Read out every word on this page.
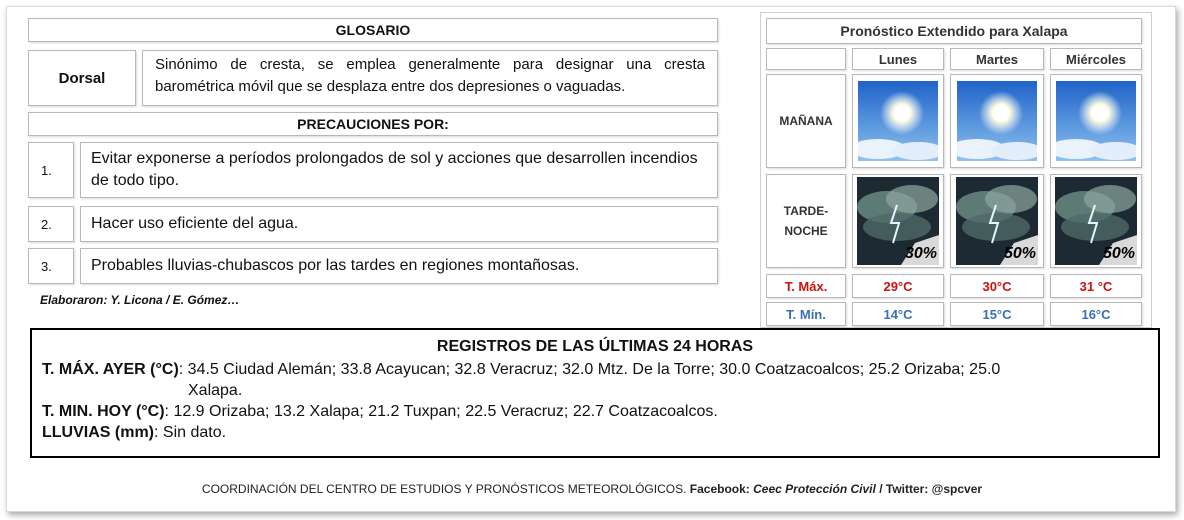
GLOSARIO
Dorsal
Sinónimo de cresta, se emplea generalmente para designar una cresta barométrica móvil que se desplaza entre dos depresiones o vaguadas.
PRECAUCIONES POR:
1.
Evitar exponerse a períodos prolongados de sol y acciones que desarrollen incendios de todo tipo.
2.	Hacer uso eficiente del agua.
3.	Probables lluvias-chubascos por las tardes en regiones montañosas.
Elaboraron: Y. Licona / E. Gómez…
Pronóstico Extendido para Xalapa
Lunes	Martes	Miércoles
MAÑANA
TARDE-
NOCHE
30%	50%	50%
T. Máx.	29°C	30°C	31 °C
T. Mín.	14°C	15°C	16°C
REGISTROS DE LAS ÚLTIMAS 24 HORAS
T. MÁX. AYER (°C): 34.5 Ciudad Alemán; 33.8 Acayucan; 32.8 Veracruz; 32.0 Mtz. De la Torre; 30.0 Coatzacoalcos; 25.2 Orizaba; 25.0
Xalapa.
T. MIN. HOY (°C): 12.9 Orizaba; 13.2 Xalapa; 21.2 Tuxpan; 22.5 Veracruz; 22.7 Coatzacoalcos.
LLUVIAS (mm): Sin dato.
COORDINACIÓN DEL CENTRO DE ESTUDIOS Y PRONÓSTICOS METEOROLÓGICOS. Facebook: Ceec Protección Civil / Twitter: @spcver
